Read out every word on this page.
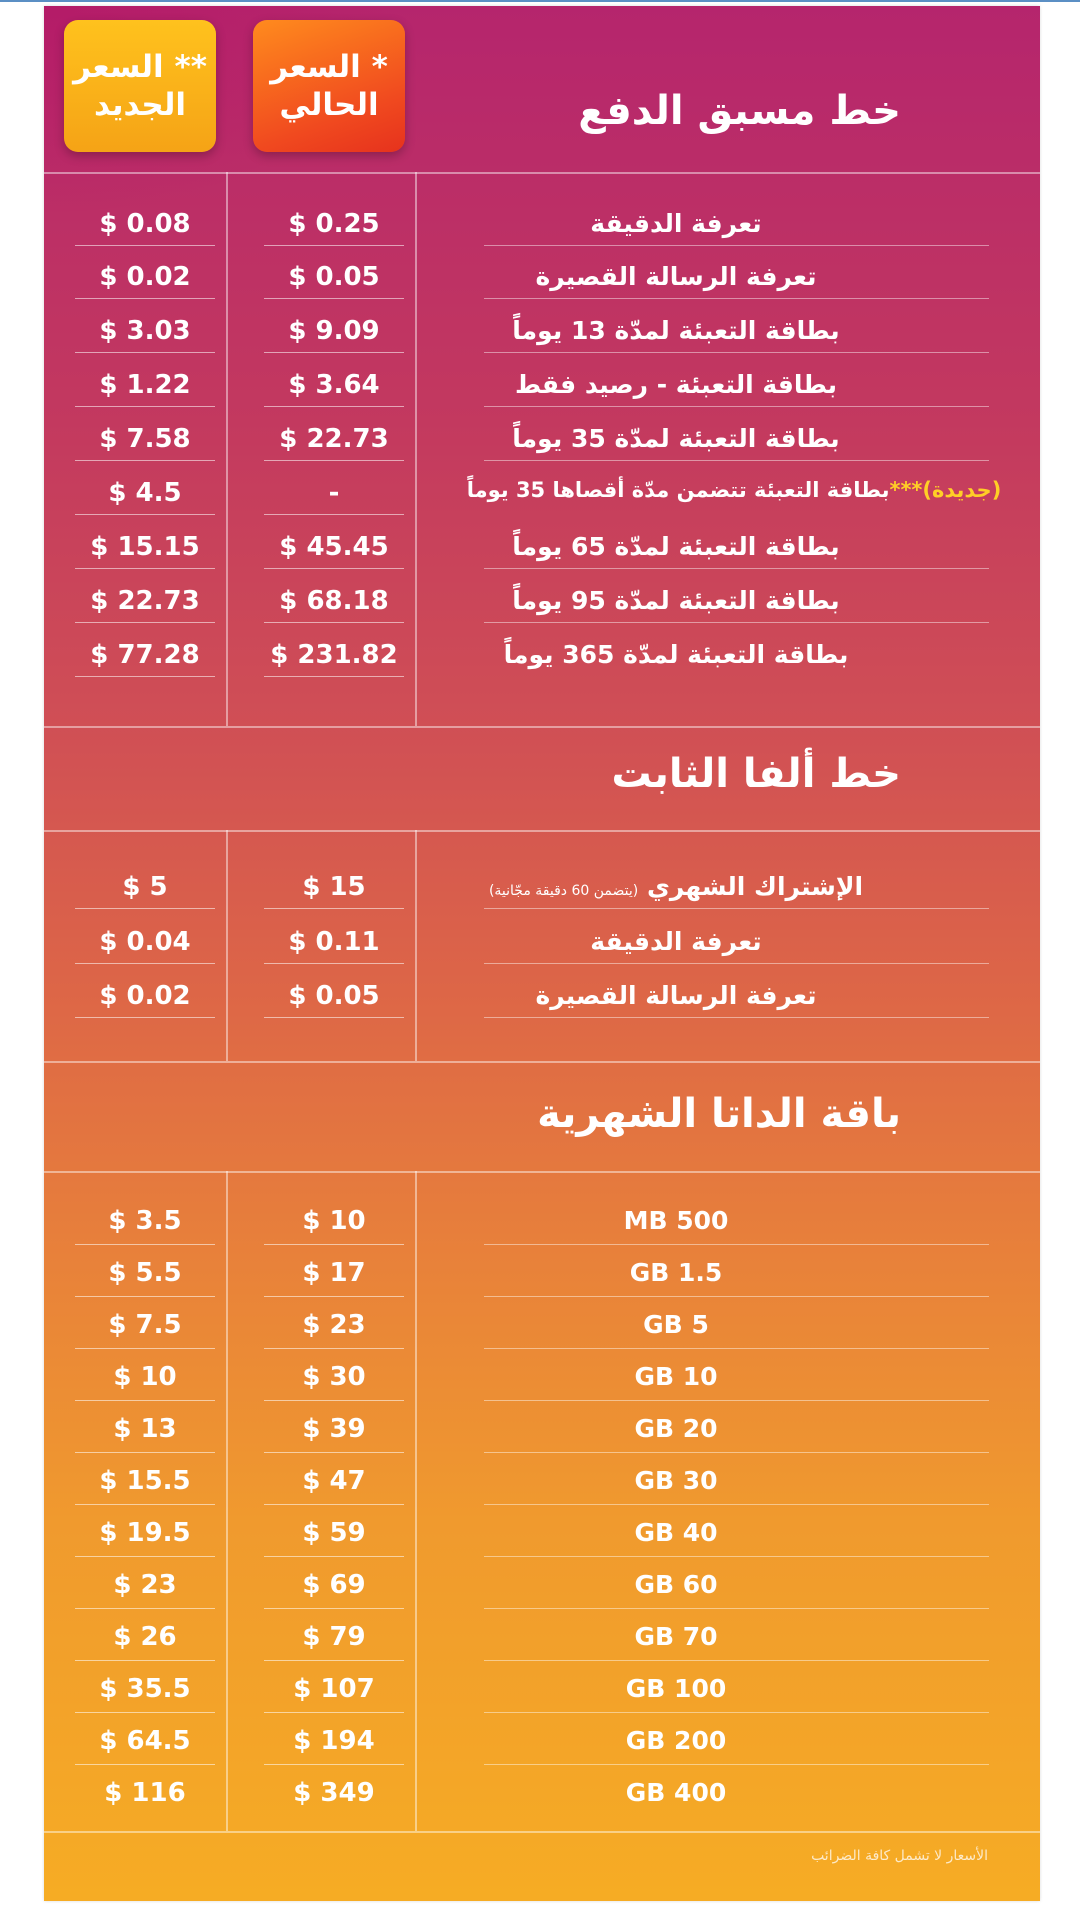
** السعر
الجديد
* السعر
الحالي	خط مسبق الدفع
خط ألفا الثابت
باقة الداتا الشهرية
$ 0.08	$ 0.25	تعرفة الدقيقة
$ 0.02	$ 0.05	تعرفة الرسالة القصيرة
$ 3.03	$ 9.09	بطاقة التعبئة لمدّة 13 يوماً
$ 1.22	$ 3.64	بطاقة التعبئة - رصيد فقط
$ 7.58	$ 22.73	بطاقة التعبئة لمدّة 35 يوماً
$ 4.5	-	(جديدة)***بطاقة التعبئة تتضمن مدّة أقصاها 35 يوماً
$ 15.15	$ 45.45	بطاقة التعبئة لمدّة 65 يوماً
$ 22.73	$ 68.18	بطاقة التعبئة لمدّة 95 يوماً
$ 77.28	$ 231.82	بطاقة التعبئة لمدّة 365 يوماً
$ 5	$ 15	الإشتراك الشهري (يتضمن 60 دقيقة مجّانية)
$ 0.04	$ 0.11	تعرفة الدقيقة
$ 0.02	$ 0.05	تعرفة الرسالة القصيرة
$ 3.5	$ 10	500 MB
$ 5.5	$ 17	1.5 GB
$ 7.5	$ 23	5 GB
$ 10	$ 30	10 GB
$ 13	$ 39	20 GB
$ 15.5	$ 47	30 GB
$ 19.5	$ 59	40 GB
$ 23	$ 69	60 GB
$ 26	$ 79	70 GB
$ 35.5	$ 107	100 GB
$ 64.5	$ 194	200 GB
$ 116	$ 349	400 GB
الأسعار لا تشمل كافة الضرائب
